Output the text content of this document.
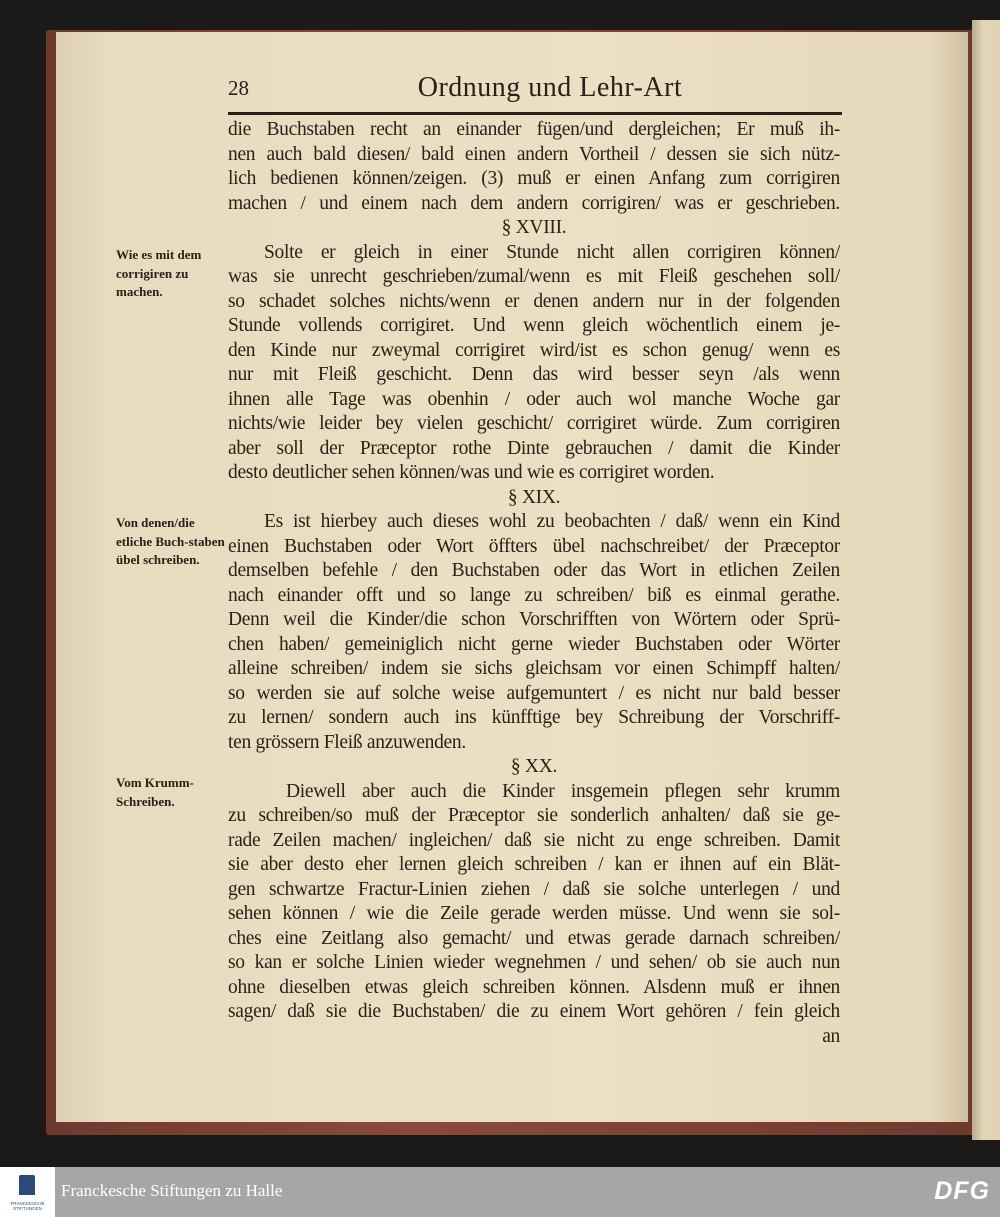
28	Ordnung und Lehr-Art
die Buchstaben recht an einander fügen/und dergleichen; Er muß ih-
nen auch bald diesen/ bald einen andern Vortheil / dessen sie sich nütz-
lich bedienen können/zeigen. (3) muß er einen Anfang zum corrigiren
machen / und einem nach dem andern corrigiren/ was er geschrieben.
§ XVIII.
Solte er gleich in einer Stunde nicht allen corrigiren können/
was sie unrecht geschrieben/zumal/wenn es mit Fleiß geschehen soll/
so schadet solches nichts/wenn er denen andern nur in der folgenden
Stunde vollends corrigiret. Und wenn gleich wöchentlich einem je-
den Kinde nur zweymal corrigiret wird/ist es schon genug/ wenn es
nur mit Fleiß geschicht. Denn das wird besser seyn /als wenn
ihnen alle Tage was obenhin / oder auch wol manche Woche gar
nichts/wie leider bey vielen geschicht/ corrigiret würde. Zum corrigiren
aber soll der Præceptor rothe Dinte gebrauchen / damit die Kinder
desto deutlicher sehen können/was und wie es corrigiret worden.
§ XIX.
Es ist hierbey auch dieses wohl zu beobachten / daß/ wenn ein Kind
einen Buchstaben oder Wort öffters übel nachschreibet/ der Præceptor
demselben befehle / den Buchstaben oder das Wort in etlichen Zeilen
nach einander offt und so lange zu schreiben/ biß es einmal gerathe.
Denn weil die Kinder/die schon Vorschrifften von Wörtern oder Sprü-
chen haben/ gemeiniglich nicht gerne wieder Buchstaben oder Wörter
alleine schreiben/ indem sie sichs gleichsam vor einen Schimpff halten/
so werden sie auf solche weise aufgemuntert / es nicht nur bald besser
zu lernen/ sondern auch ins künfftige bey Schreibung der Vorschriff-
ten grössern Fleiß anzuwenden.
§ XX.
Diewell aber auch die Kinder insgemein pflegen sehr krumm
zu schreiben/so muß der Præceptor sie sonderlich anhalten/ daß sie ge-
rade Zeilen machen/ ingleichen/ daß sie nicht zu enge schreiben. Damit
sie aber desto eher lernen gleich schreiben / kan er ihnen auf ein Blät-
gen schwartze Fractur-Linien ziehen / daß sie solche unterlegen / und
sehen können / wie die Zeile gerade werden müsse. Und wenn sie sol-
ches eine Zeitlang also gemacht/ und etwas gerade darnach schreiben/
so kan er solche Linien wieder wegnehmen / und sehen/ ob sie auch nun
ohne dieselben etwas gleich schreiben können. Alsdenn muß er ihnen
sagen/ daß sie die Buchstaben/ die zu einem Wort gehören / fein gleich
an
Wie es mit dem corrigiren zu machen.
Von denen/die etliche Buch-staben übel schreiben.
Vom Krumm-Schreiben.
FRANCKESCHE STIFTUNGEN
Franckesche Stiftungen zu Halle	DFG
